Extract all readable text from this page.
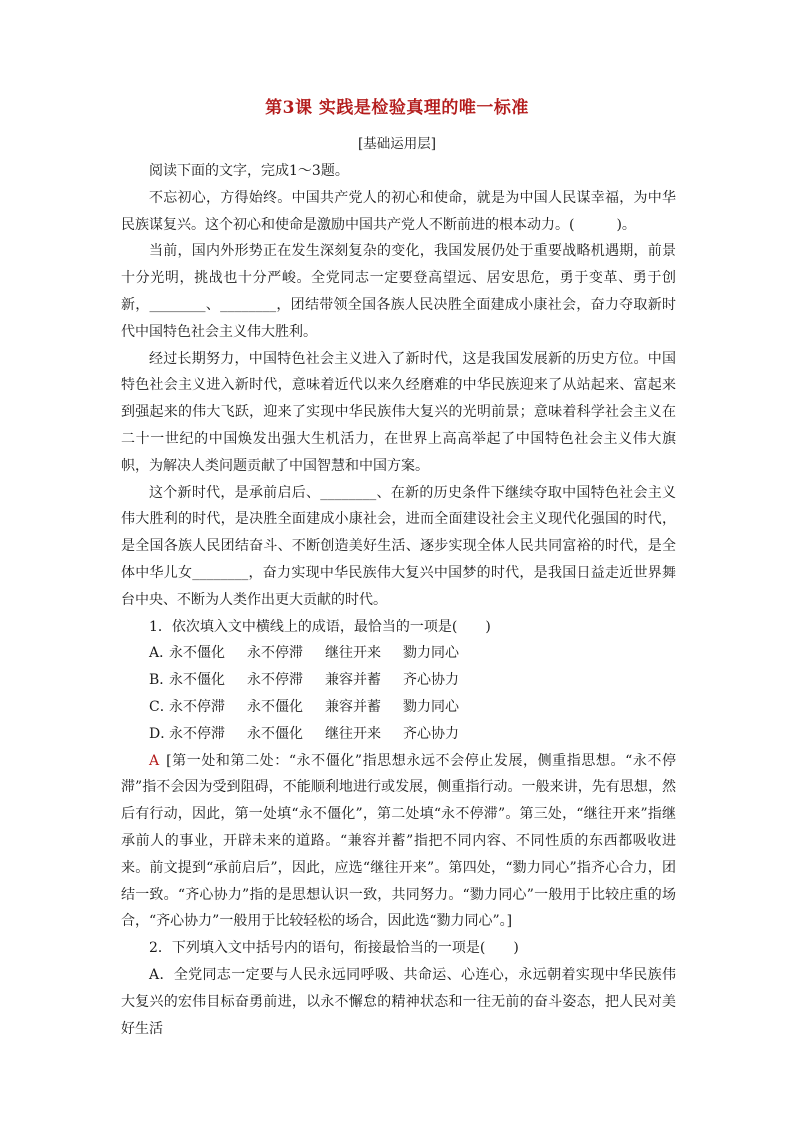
第3课 实践是检验真理的唯一标准
[基础运用层]

阅读下面的文字，完成1～3题。

不忘初心，方得始终。中国共产党人的初心和使命，就是为中国人民谋幸福，为中华民族谋复兴。这个初心和使命是激励中国共产党人不断前进的根本动力。(　　　)。

当前，国内外形势正在发生深刻复杂的变化，我国发展仍处于重要战略机遇期，前景十分光明，挑战也十分严峻。全党同志一定要登高望远、居安思危，勇于变革、勇于创新，________、________，团结带领全国各族人民决胜全面建成小康社会，奋力夺取新时代中国特色社会主义伟大胜利。

经过长期努力，中国特色社会主义进入了新时代，这是我国发展新的历史方位。中国特色社会主义进入新时代，意味着近代以来久经磨难的中华民族迎来了从站起来、富起来到强起来的伟大飞跃，迎来了实现中华民族伟大复兴的光明前景；意味着科学社会主义在二十一世纪的中国焕发出强大生机活力，在世界上高高举起了中国特色社会主义伟大旗帜，为解决人类问题贡献了中国智慧和中国方案。

这个新时代，是承前启后、________、在新的历史条件下继续夺取中国特色社会主义伟大胜利的时代，是决胜全面建成小康社会，进而全面建设社会主义现代化强国的时代，是全国各族人民团结奋斗、不断创造美好生活、逐步实现全体人民共同富裕的时代，是全体中华儿女________，奋力实现中华民族伟大复兴中国梦的时代，是我国日益走近世界舞台中央、不断为人类作出更大贡献的时代。

1．依次填入文中横线上的成语，最恰当的一项是(　　)

A．永不僵化 永不停滞 继往开来 勠力同心

B．永不僵化 永不停滞 兼容并蓄 齐心协力

C．永不停滞 永不僵化 兼容并蓄 勠力同心

D．永不停滞 永不僵化 继往开来 齐心协力

A  [第一处和第二处：“永不僵化”指思想永远不会停止发展，侧重指思想。“永不停滞”指不会因为受到阻碍，不能顺利地进行或发展，侧重指行动。一般来讲，先有思想，然后有行动，因此，第一处填“永不僵化”，第二处填“永不停滞”。第三处，“继往开来”指继承前人的事业，开辟未来的道路。“兼容并蓄”指把不同内容、不同性质的东西都吸收进来。前文提到“承前启后”，因此，应选“继往开来”。第四处，“勠力同心”指齐心合力，团结一致。“齐心协力”指的是思想认识一致，共同努力。“勠力同心”一般用于比较庄重的场合，“齐心协力”一般用于比较轻松的场合，因此选“勠力同心”。]

2．下列填入文中括号内的语句，衔接最恰当的一项是(　　)

A．全党同志一定要与人民永远同呼吸、共命运、心连心，永远朝着实现中华民族伟大复兴的宏伟目标奋勇前进，以永不懈怠的精神状态和一往无前的奋斗姿态，把人民对美好生活
